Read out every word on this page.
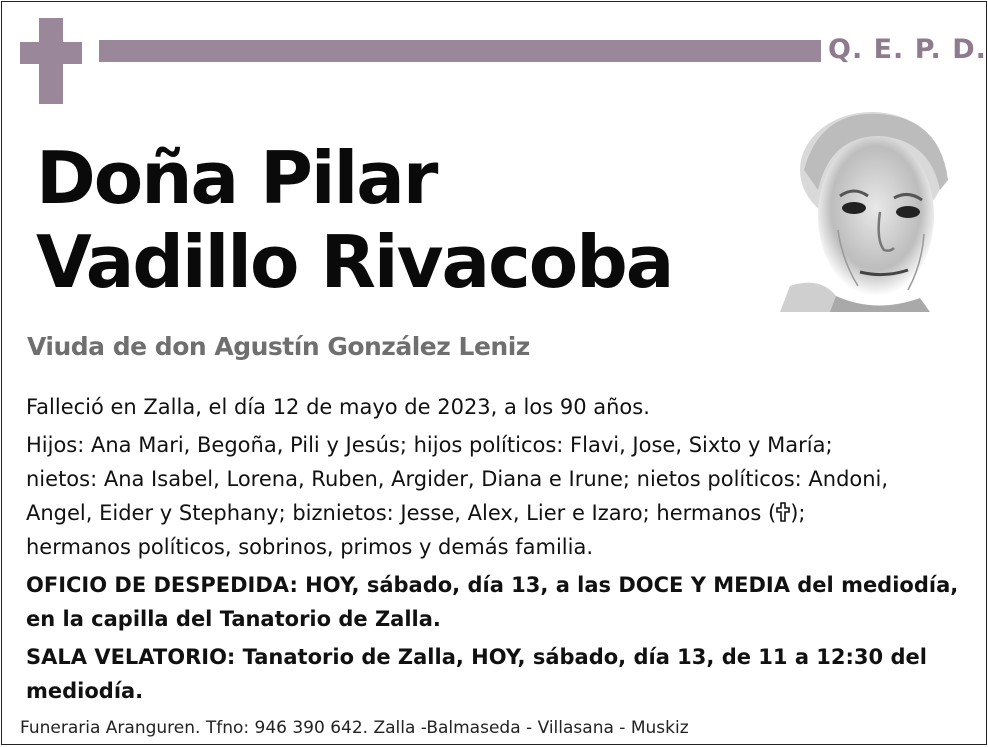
Q. E. P. D.
Doña Pilar
Vadillo Rivacoba
Viuda de don Agustín González Leniz

Falleció en Zalla, el día 12 de mayo de 2023, a los 90 años.

Hijos: Ana Mari, Begoña, Pili y Jesús; hijos políticos: Flavi, Jose, Sixto y María;
nietos: Ana Isabel, Lorena, Ruben, Argider, Diana e Irune; nietos políticos: Andoni,
Angel, Eider y Stephany; biznietos: Jesse, Alex, Lier e Izaro; hermanos ( );
hermanos políticos, sobrinos, primos y demás familia.

OFICIO DE DESPEDIDA: HOY, sábado, día 13, a las DOCE Y MEDIA del mediodía,
en la capilla del Tanatorio de Zalla.

SALA VELATORIO: Tanatorio de Zalla, HOY, sábado, día 13, de 11 a 12:30 del
mediodía.

Funeraria Aranguren. Tfno: 946 390 642. Zalla -Balmaseda - Villasana - Muskiz
